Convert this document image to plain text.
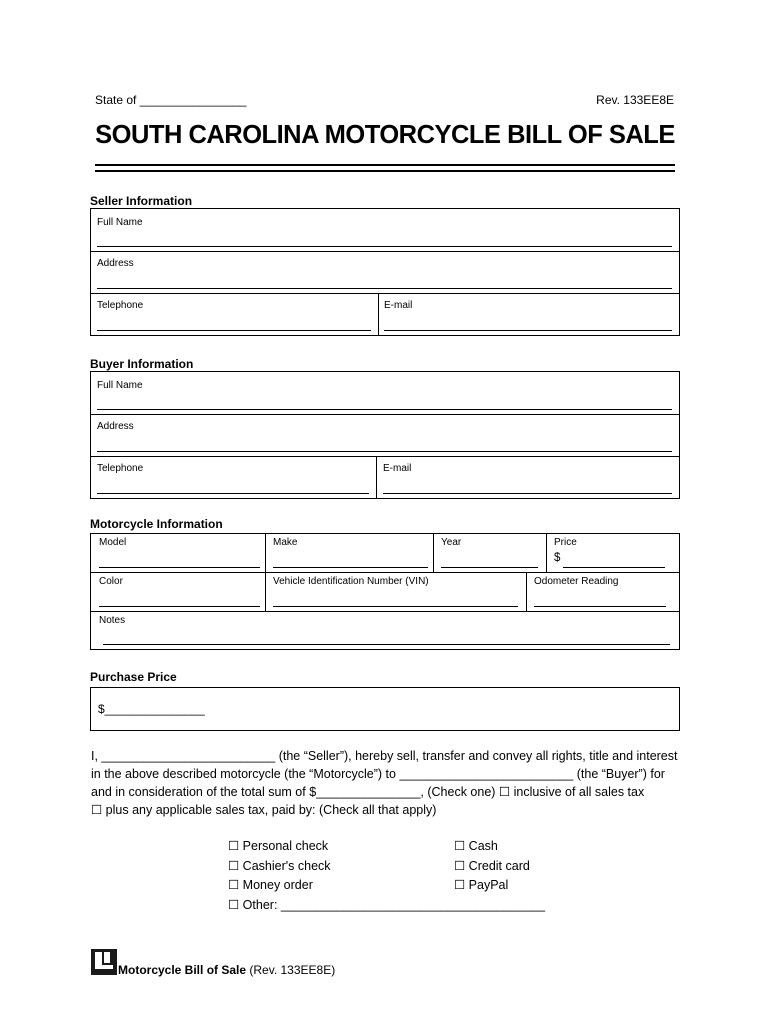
State of ________________	Rev. 133EE8E
SOUTH CAROLINA MOTORCYCLE BILL OF SALE
Seller Information
Full Name
Address
Telephone	E-mail
Buyer Information
Full Name
Address
Telephone	E-mail
Motorcycle Information
Model	Make	Year	Price
$
Color	Vehicle Identification Number (VIN)	Odometer Reading
Notes
Purchase Price
$_______________
I, _________________________ (the “Seller”), hereby sell, transfer and convey all rights, title and interest
in the above described motorcycle (the “Motorcycle”) to _________________________ (the “Buyer”) for
and in consideration of the total sum of $_______________, (Check one) ☐ inclusive of all sales tax
☐ plus any applicable sales tax, paid by: (Check all that apply)
☐ Personal check
☐ Cashier's check
☐ Money order
☐ Other: ______________________________________
☐ Cash
☐ Credit card
☐ PayPal
Motorcycle Bill of Sale (Rev. 133EE8E)
